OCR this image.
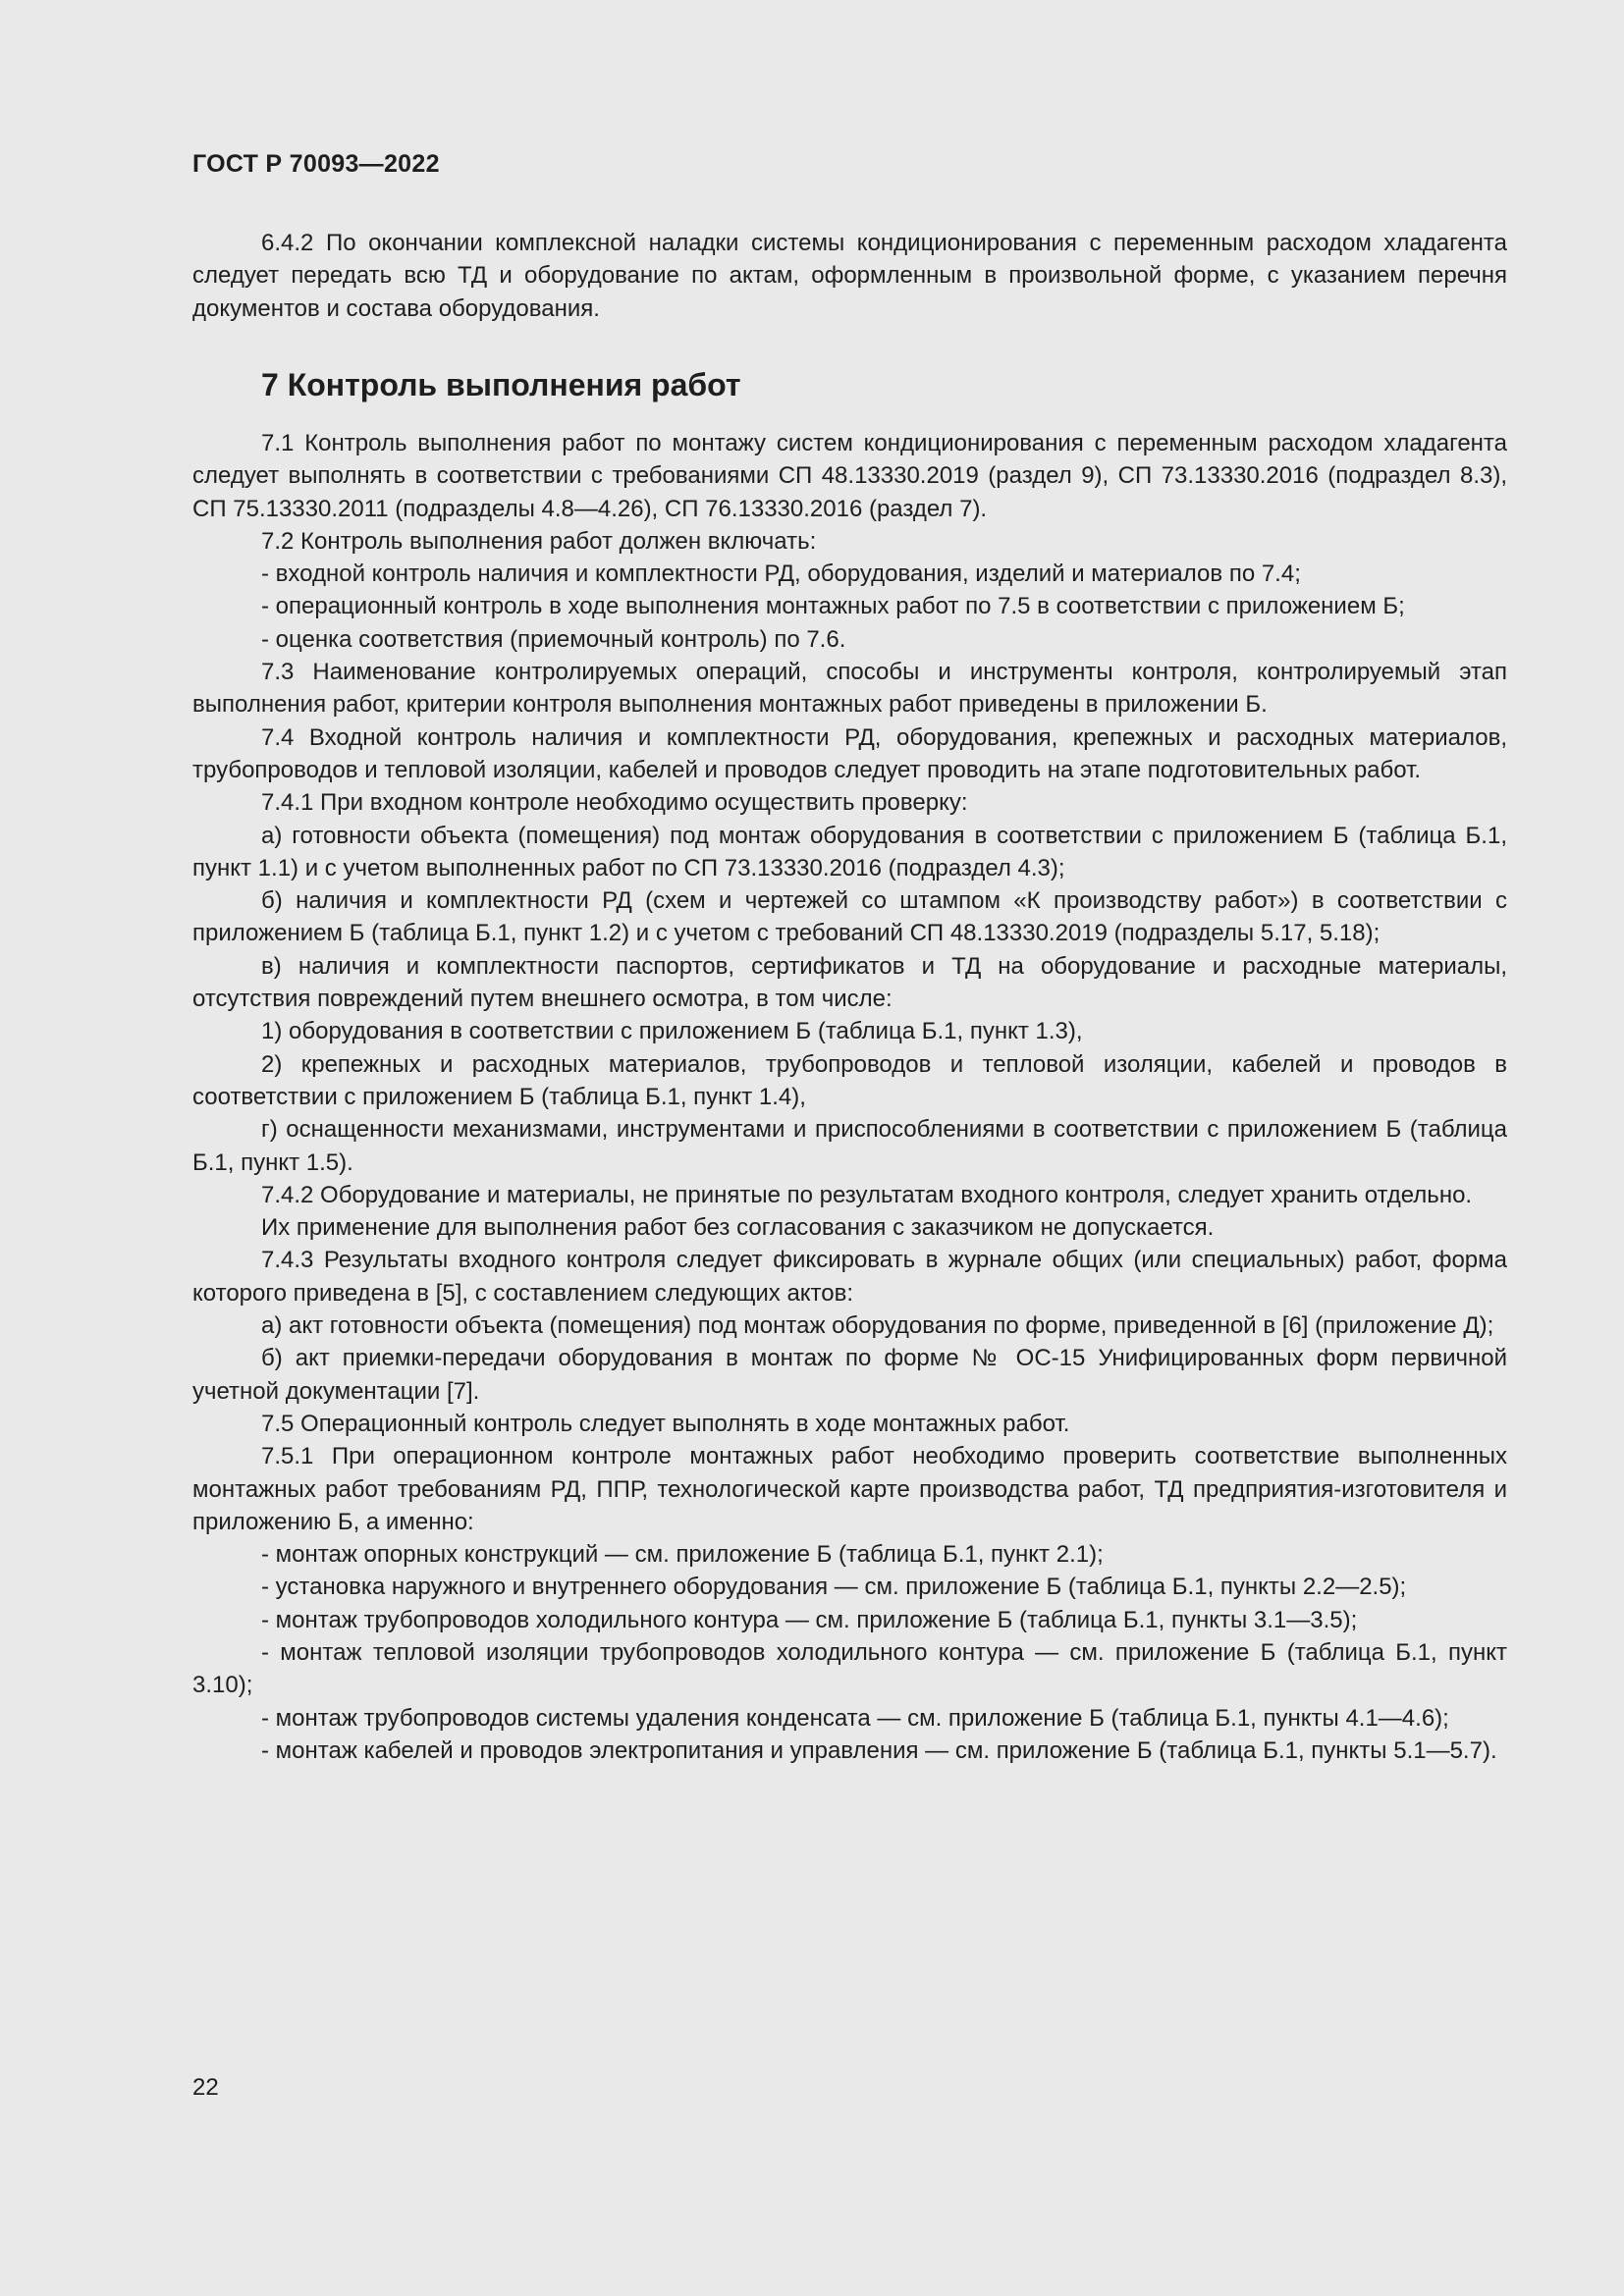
ГОСТ Р 70093—2022

6.4.2 По окончании комплексной наладки системы кондиционирования с переменным расходом хладагента следует передать всю ТД и оборудование по актам, оформленным в произвольной форме, с указанием перечня документов и состава оборудования.

7 Контроль выполнения работ

7.1 Контроль выполнения работ по монтажу систем кондиционирования с переменным расходом хладагента следует выполнять в соответствии с требованиями СП 48.13330.2019 (раздел 9), СП 73.13330.2016 (подраздел 8.3), СП 75.13330.2011 (подразделы 4.8—4.26), СП 76.13330.2016 (раздел 7).

7.2 Контроль выполнения работ должен включать:

- входной контроль наличия и комплектности РД, оборудования, изделий и материалов по 7.4;

- операционный контроль в ходе выполнения монтажных работ по 7.5 в соответствии с приложением Б;

- оценка соответствия (приемочный контроль) по 7.6.

7.3 Наименование контролируемых операций, способы и инструменты контроля, контролируемый этап выполнения работ, критерии контроля выполнения монтажных работ приведены в приложении Б.

7.4 Входной контроль наличия и комплектности РД, оборудования, крепежных и расходных материалов, трубопроводов и тепловой изоляции, кабелей и проводов следует проводить на этапе подготовительных работ.

7.4.1 При входном контроле необходимо осуществить проверку:

а) готовности объекта (помещения) под монтаж оборудования в соответствии с приложением Б (таблица Б.1, пункт 1.1) и с учетом выполненных работ по СП 73.13330.2016 (подраздел 4.3);

б) наличия и комплектности РД (схем и чертежей со штампом «К производству работ») в соответствии с приложением Б (таблица Б.1, пункт 1.2) и с учетом с требований СП 48.13330.2019 (подразделы 5.17, 5.18);

в) наличия и комплектности паспортов, сертификатов и ТД на оборудование и расходные материалы, отсутствия повреждений путем внешнего осмотра, в том числе:

1) оборудования в соответствии с приложением Б (таблица Б.1, пункт 1.3),

2) крепежных и расходных материалов, трубопроводов и тепловой изоляции, кабелей и проводов в соответствии с приложением Б (таблица Б.1, пункт 1.4),

г) оснащенности механизмами, инструментами и приспособлениями в соответствии с приложением Б (таблица Б.1, пункт 1.5).

7.4.2 Оборудование и материалы, не принятые по результатам входного контроля, следует хранить отдельно.

Их применение для выполнения работ без согласования с заказчиком не допускается.

7.4.3 Результаты входного контроля следует фиксировать в журнале общих (или специальных) работ, форма которого приведена в [5], с составлением следующих актов:

а) акт готовности объекта (помещения) под монтаж оборудования по форме, приведенной в [6] (приложение Д);

б) акт приемки-передачи оборудования в монтаж по форме № ОС-15 Унифицированных форм первичной учетной документации [7].

7.5 Операционный контроль следует выполнять в ходе монтажных работ.

7.5.1 При операционном контроле монтажных работ необходимо проверить соответствие выполненных монтажных работ требованиям РД, ППР, технологической карте производства работ, ТД предприятия-изготовителя и приложению Б, а именно:

- монтаж опорных конструкций — см. приложение Б (таблица Б.1, пункт 2.1);

- установка наружного и внутреннего оборудования — см. приложение Б (таблица Б.1, пункты 2.2—2.5);

- монтаж трубопроводов холодильного контура — см. приложение Б (таблица Б.1, пункты 3.1—3.5);

- монтаж тепловой изоляции трубопроводов холодильного контура — см. приложение Б (таблица Б.1, пункт 3.10);

- монтаж трубопроводов системы удаления конденсата — см. приложение Б (таблица Б.1, пункты 4.1—4.6);

- монтаж кабелей и проводов электропитания и управления — см. приложение Б (таблица Б.1, пункты 5.1—5.7).

22
